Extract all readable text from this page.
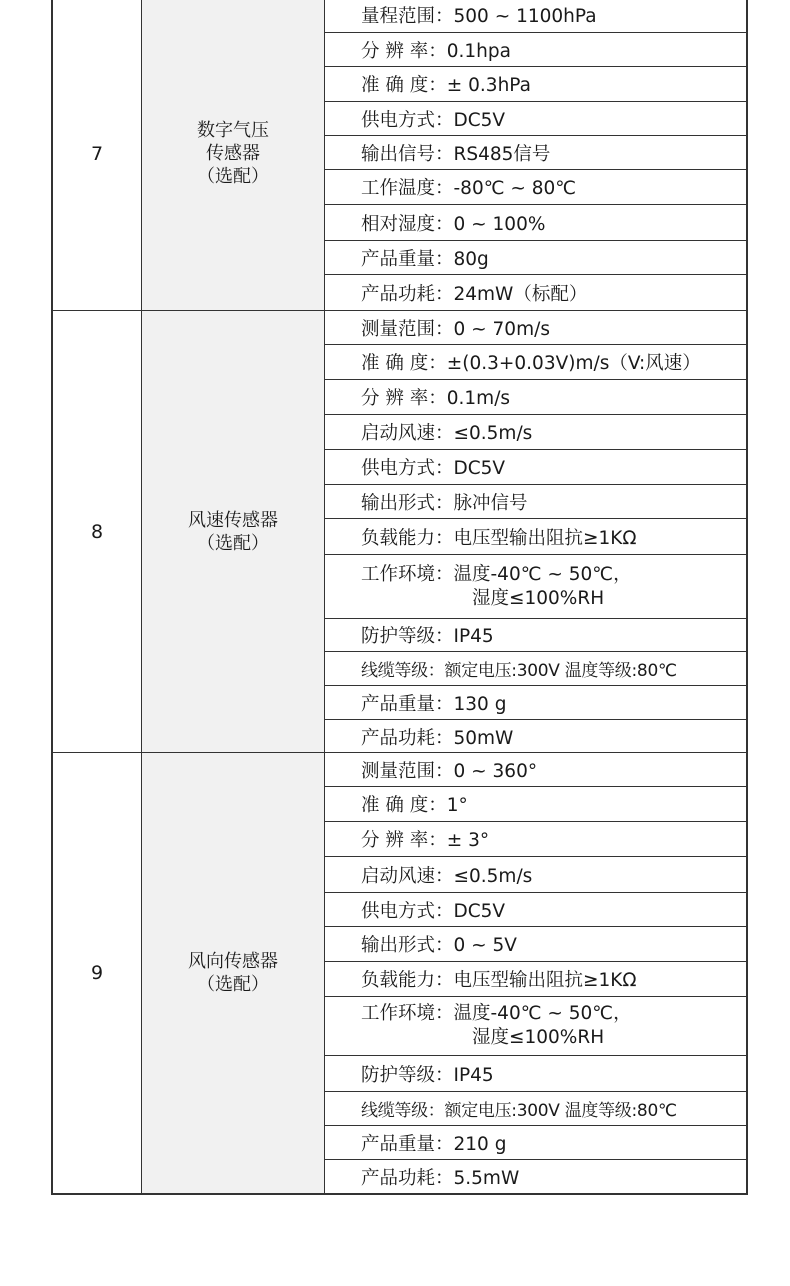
7
数字气压
传感器
（选配）
量程范围：500 ~ 1100hPa
分 辨 率：0.1hpa
准 确 度：± 0.3hPa
供电方式：DC5V
输出信号：RS485信号
工作温度：-80℃ ~ 80℃
相对湿度：0 ~ 100%
产品重量：80g
产品功耗：24mW（标配）
8
风速传感器
（选配）
测量范围：0 ~ 70m/s
准 确 度：±(0.3+0.03V)m/s（V:风速）
分 辨 率：0.1m/s
启动风速：≤0.5m/s
供电方式：DC5V
输出形式：脉冲信号
负载能力：电压型输出阻抗≥1KΩ
工作环境：温度-40℃ ~ 50℃，
湿度≤100%RH
防护等级：IP45
线缆等级：额定电压:300V 温度等级:80℃
产品重量：130 g
产品功耗：50mW
9
风向传感器
（选配）
测量范围：0 ~ 360°
准 确 度：1°
分 辨 率：± 3°
启动风速：≤0.5m/s
供电方式：DC5V
输出形式：0 ~ 5V
负载能力：电压型输出阻抗≥1KΩ
工作环境：温度-40℃ ~ 50℃，
湿度≤100%RH
防护等级：IP45
线缆等级：额定电压:300V 温度等级:80℃
产品重量：210 g
产品功耗：5.5mW
